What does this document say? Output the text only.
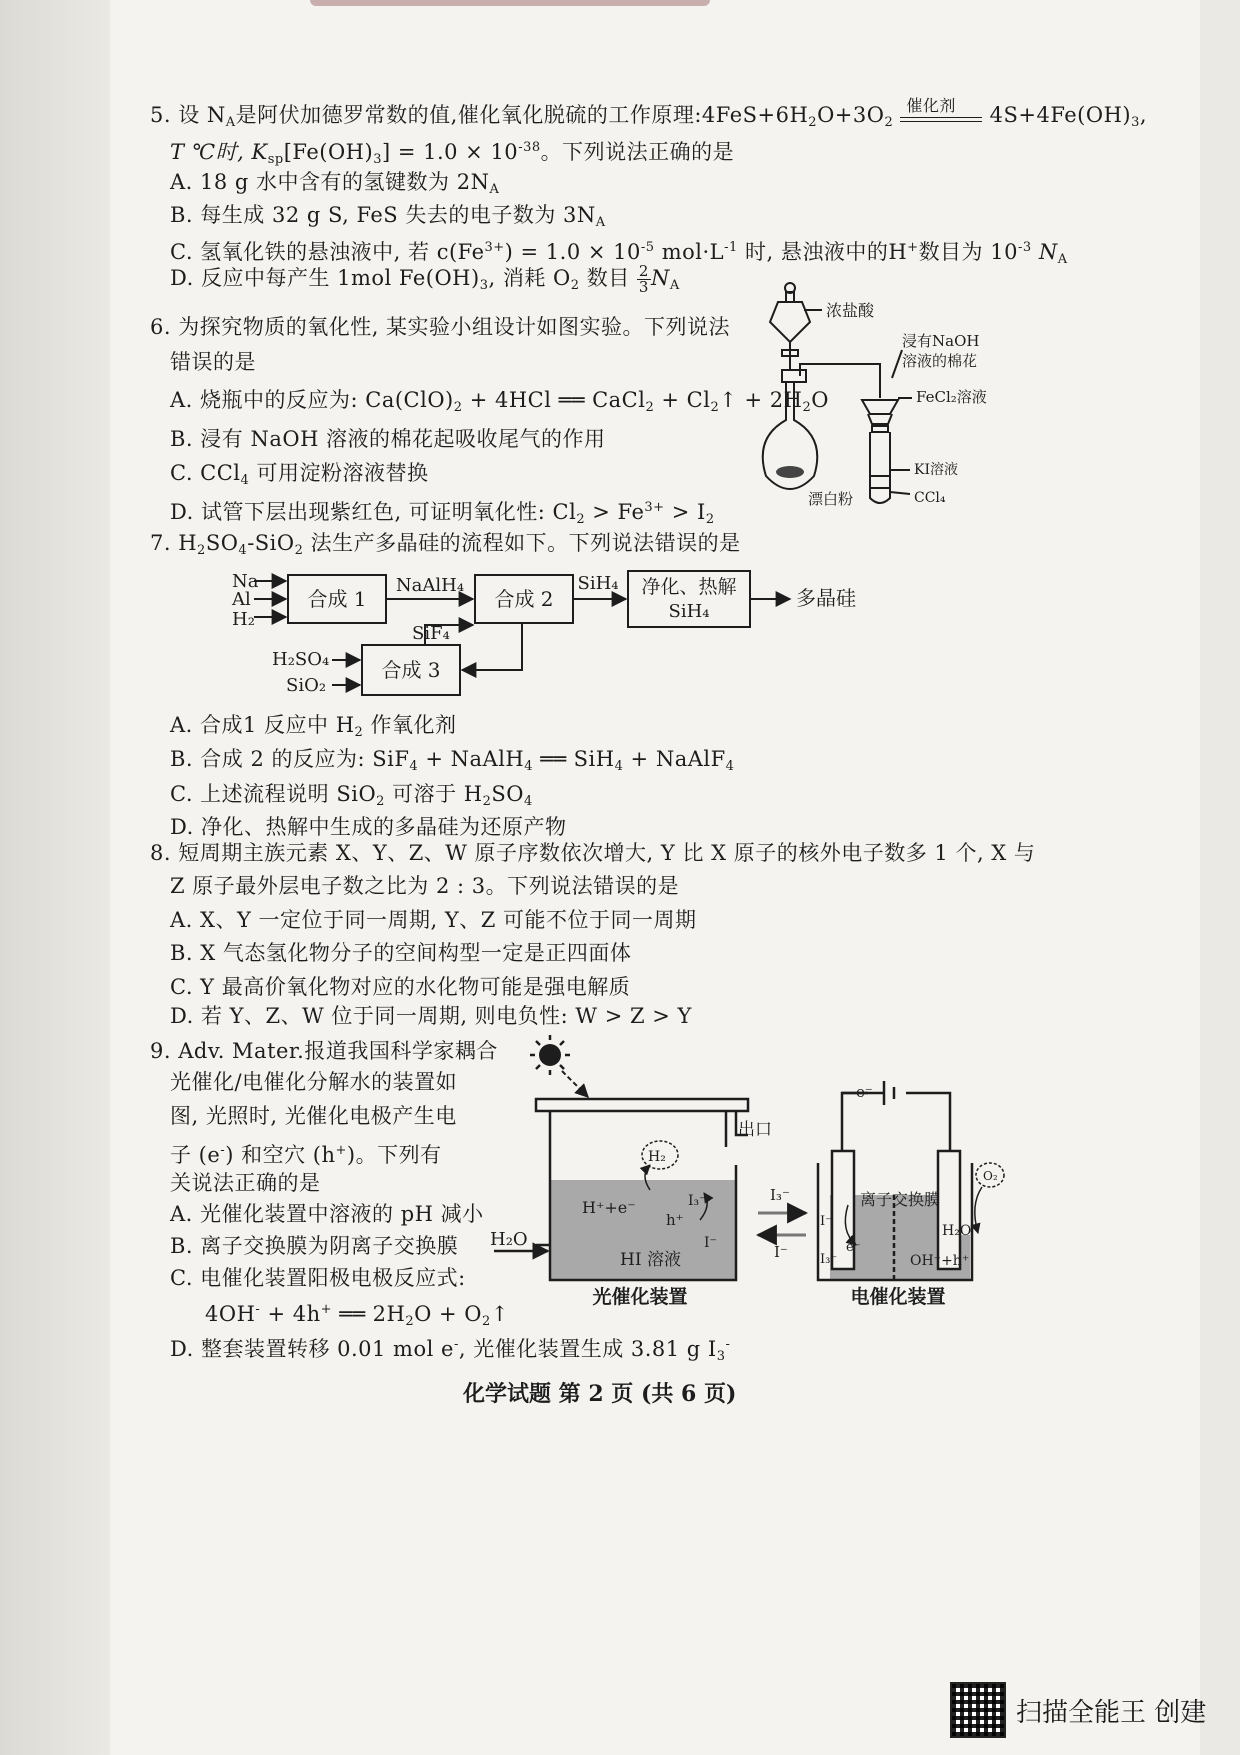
5. 设 $N_A$是阿伏加德罗常数的值,催化氧化脱硫的工作原理$:4FeS+6H_2O+3O_2$
催化剂 $4S+4Fe(OH)_3$,
T ℃时, $K_{sp}[Fe(OH)_3] = 1.0 \times 10^{-38}$。下列说法正确的是
A. 18 g 水中含有的氢键数为 $2N_A$
B. 每生成 32 g S, FeS 失去的电子数为 $3N_A$
C. 氢氧化铁的悬浊液中, 若 $c(Fe^{3+}) = 1.0 \times 10^{-5}$ $mol\cdot L^{-1}$ 时, 悬浊液中的H+数目为 $10^{-3}$ $N_A$
D. 反应中每产生 1mol $Fe(OH)_3$, 消耗 $O_2$ 数目 $\frac{2}{3} N_A$
6. 为探究物质的氧化性, 某实验小组设计如图实验。下列说法
错误的是
A. 烧瓶中的反应为: $Ca(ClO)_2 + 4HCl$ ══ CaCl$_2$ + $Cl_2↑ + 2H_2O$
B. 浸有 NaOH 溶液的棉花起吸收尾气的作用
C. CCl$_4$ 可用淀粉溶液替换
D. 试管下层出现紫红色, 可证明氧化性: $Cl_2 > Fe^{3+} > I_2$
浓盐酸
浸有NaOH
溶液的棉花
FeCl₂溶液
KI溶液
CCl₄
漂白粉
7. $H_2SO_4-SiO_2$ 法生产多晶硅的流程如下。下列说法错误的是
Na
Al
H₂
合成 1
NaAlH₄
合成 2
SiH₄ 净化、热解
SiH₄
多晶硅
SiF₄
H₂SO₄
SiO₂
合成 3
A. 合成1 反应中 $H_2$ 作氧化剂
B. 合成 2 的反应为: SiF$_4$ + NaAlH$_4$ ══ SiH$_4$ + NaAlF$_4$
C. 上述流程说明 SiO$_2$ 可溶于 $H_2SO_4$
D. 净化、热解中生成的多晶硅为还原产物
8. 短周期主族元素 X、Y、Z、W 原子序数依次增大, Y 比 X 原子的核外电子数多 1 个, X 与
Z 原子最外层电子数之比为 2 : 3。下列说法错误的是
A. X、Y 一定位于同一周期, Y、Z 可能不位于同一周期
B. X 气态氢化物分子的空间构型一定是正四面体
C. Y 最高价氧化物对应的水化物可能是强电解质
D. 若 Y、Z、W 位于同一周期, 则电负性: W > Z > Y
9. Adv. Mater.报道我国科学家耦合
光催化/电催化分解水的装置如
图, 光照时, 光催化电极产生电
子 (e-) 和空穴 (h+)。下列有
关说法正确的是
A. 光催化装置中溶液的 pH 减小
B. 离子交换膜为阴离子交换膜
C. 电催化装置阳极电极反应式:
4OH- + 4h+ ══ $2H_2O$ + $O_2↑$
D. 整套装置转移 0.01 mol e-, 光催化装置生成 3.81 g $I_3^-$
出口
H₂
H⁺+e⁻
h⁺
I₃⁻
I⁻
H₂O
HI 溶液
光催化装置
I₃⁻
I⁻
e⁻
离子交换膜
O₂
H₂O
OH⁻+h⁺
I⁻
I₃⁻
e⁻
电催化装置
化学试题 第 2 页 (共 6 页)
扫描全能王 创建
